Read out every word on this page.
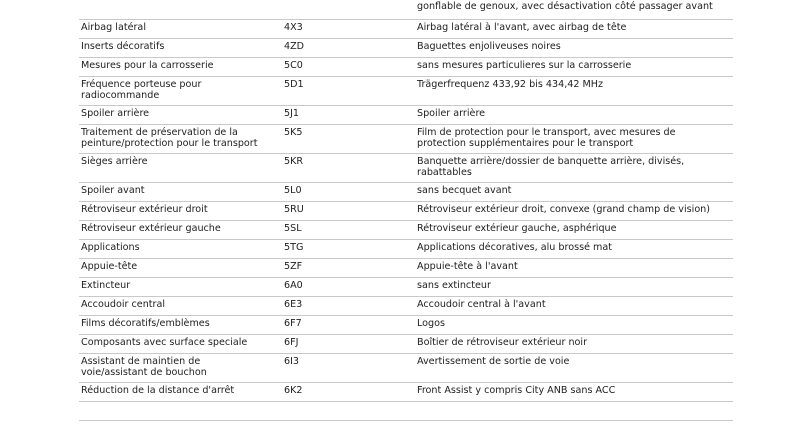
gonflable de genoux, avec désactivation côté passager avant
Airbag latéral	4X3	Airbag latéral à l'avant, avec airbag de tête
Inserts décoratifs	4ZD	Baguettes enjoliveuses noires
Mesures pour la carrosserie	5C0	sans mesures particulieres sur la carrosserie
Fréquence porteuse pour
radiocommande
5D1	Trägerfrequenz 433,92 bis 434,42 MHz
Spoiler arrière	5J1	Spoiler arrière
Traitement de préservation de la
peinture/protection pour le transport
5K5	Film de protection pour le transport, avec mesures de
protection supplémentaires pour le transport
Sièges arrière	5KR	Banquette arrière/dossier de banquette arrière, divisés,
rabattables
Spoiler avant	5L0	sans becquet avant
Rétroviseur extérieur droit	5RU	Rétroviseur extérieur droit, convexe (grand champ de vision)
Rétroviseur extérieur gauche	5SL	Rétroviseur extérieur gauche, asphérique
Applications	5TG	Applications décoratives, alu brossé mat
Appuie-tête	5ZF	Appuie-tête à l'avant
Extincteur	6A0	sans extincteur
Accoudoir central	6E3	Accoudoir central à l'avant
Films décoratifs/emblèmes	6F7	Logos
Composants avec surface speciale	6FJ	Boîtier de rétroviseur extérieur noir
Assistant de maintien de
voie/assistant de bouchon
6I3	Avertissement de sortie de voie
Réduction de la distance d'arrêt	6K2	Front Assist y compris City ANB sans ACC
